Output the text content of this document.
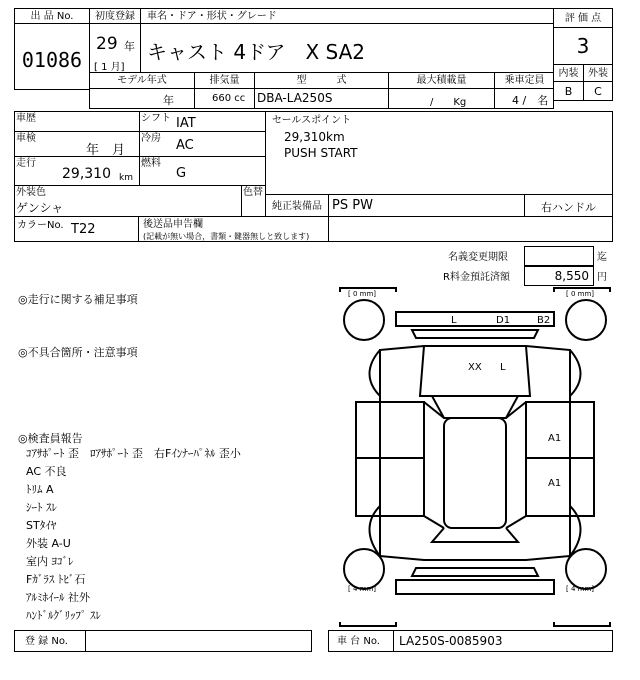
出 品 No.
01086
初度登録
29 年
[ 1 月]
車名・ドア・形状・グレード
キャスト 4ドア　X SA2
評 価 点
3
内装 外装
B	C
モデル年式	排気量	型　　　式	最大積載量	乗車定員
年	660 cc DBA-LA250S	/　　Kg	4 /　名
車歴	シフト IAT
車検
年　月
冷房 AC
走行
29,310 km
燃料
G
外装色
ゲンシャ
色替
カラーNo. T22	後送品申告欄
(記載が無い場合，書類・鍵器無しと致します)
セールスポイント
29,310km
PUSH START
純正装備品 PS PW	右ハンドル
名義変更期限	迄
R料金預託済額	8,550 円
◎走行に関する補足事項
◎不具合箇所・注意事項
◎検査員報告
ｺｱｻﾎﾟｰﾄ 歪　ﾛｱｻﾎﾟｰﾄ 歪　右Fｲﾝﾅｰﾊﾟﾈﾙ 歪小
AC 不良
ﾄﾘﾑ A
ｼｰﾄ ｽﾚ
STﾀｲﾔ
外装 A-U
室内 ﾖｺﾞﾚ
Fｶﾞﾗｽ ﾄﾋﾞ石
ｱﾙﾐﾎｲｰﾙ 社外
ﾊﾝﾄﾞﾙｸﾞﾘｯﾌﾟ ｽﾚ
[ 0 mm]	[ 0 mm]
[ 4 mm]	[ 4 mm]
L	D1	B2
XX L
A1
A1
登 録 No.	車 台 No. LA250S-0085903
